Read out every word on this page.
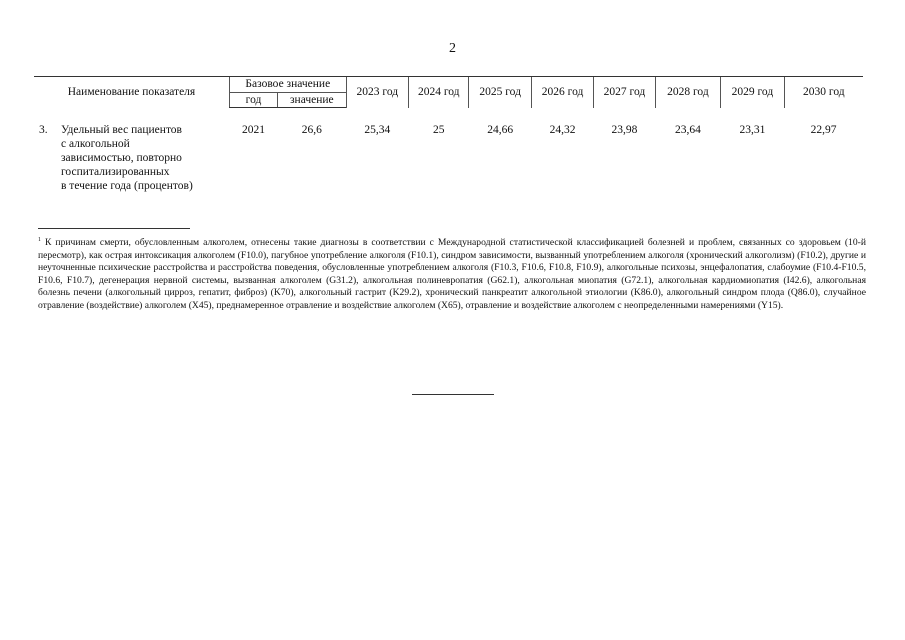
2
Наименование показателя	Базовое значение		2023 год	2024 год	2025 год	2026 год	2027 год	2028 год	2029 год	2030 год
	год	значение								

3. Удельный вес пациентов
с алкогольной
зависимостью, повторно
госпитализированных
в течение года (процентов)	2021	26,6	25,34	25	24,66	24,32	23,98	23,64	23,31	22,97
$^1$ К причинам смерти, обусловленным алкоголем, отнесены такие диагнозы в соответствии с Международной статистической классификацией болезней и проблем, связанных со здоровьем (10-й пересмотр), как острая интоксикация алкоголем (F10.0), пагубное употребление алкоголя (F10.1), синдром зависимости, вызванный употреблением алкоголя (хронический алкоголизм) (F10.2), другие и неуточненные психические расстройства и расстройства поведения, обусловленные употреблением алкоголя (F10.3, F10.6, F10.8, F10.9), алкогольные психозы, энцефалопатия, слабоумие (F10.4-F10.5, F10.6, F10.7), дегенерация нервной системы, вызванная алкоголем (G31.2), алкогольная полиневропатия (G62.1), алкогольная миопатия (G72.1), алкогольная кардиомиопатия (I42.6), алкогольная болезнь печени (алкогольный цирроз, гепатит, фиброз) (K70), алкогольный гастрит (K29.2), хронический панкреатит алкогольной этиологии (K86.0), алкогольный синдром плода (Q86.0), случайное отравление (воздействие) алкоголем (X45), преднамеренное отравление и воздействие алкоголем (X65), отравление и воздействие алкоголем с неопределенными намерениями (Y15).
